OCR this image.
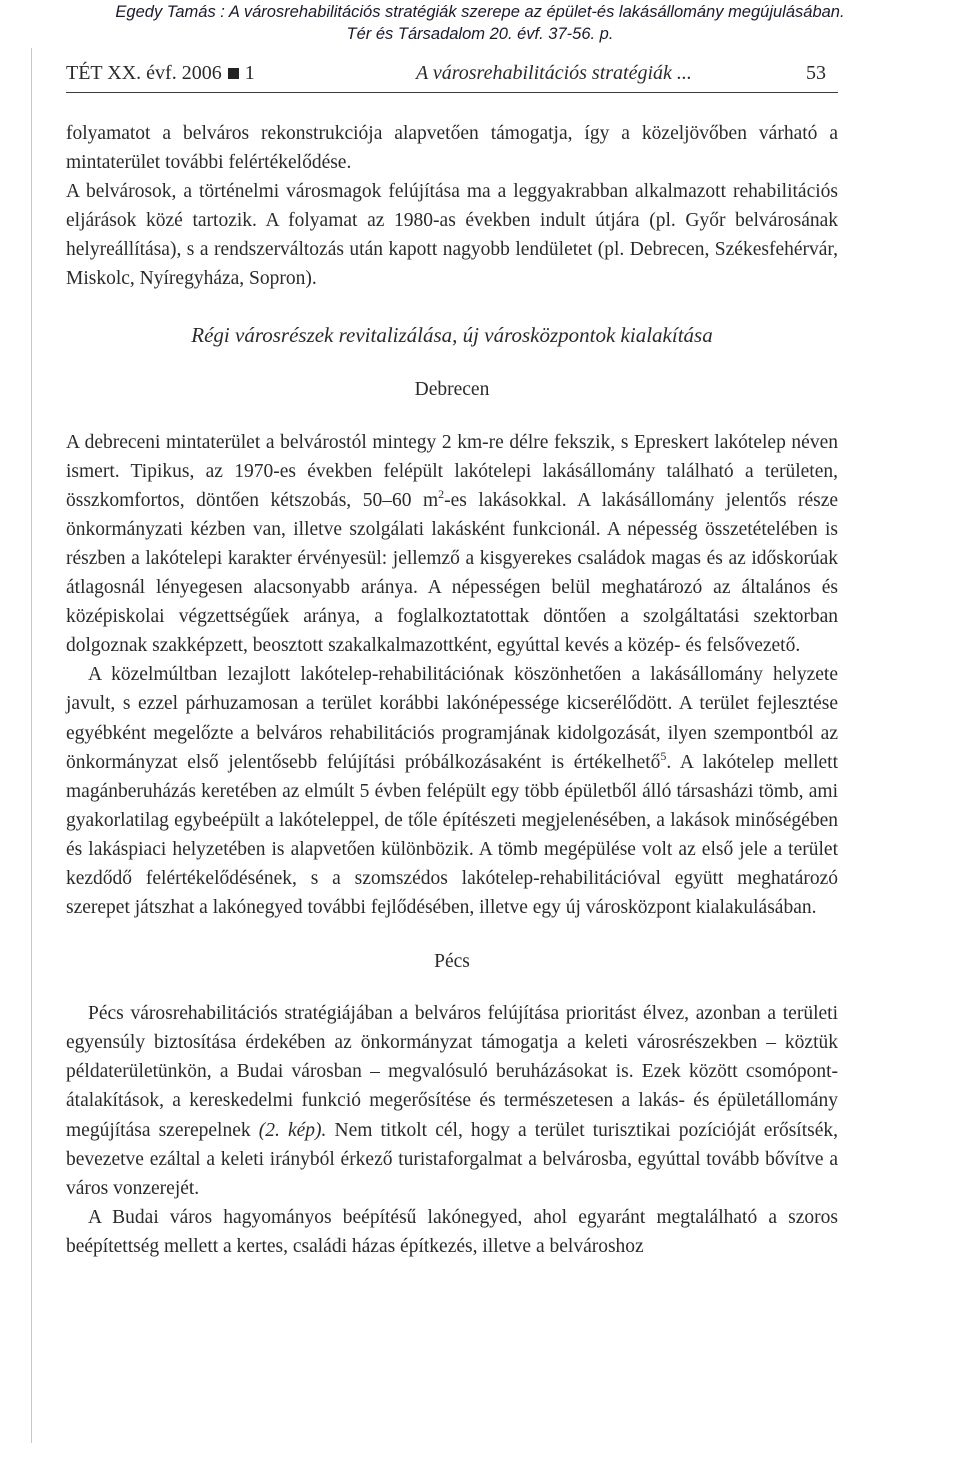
Egedy Tamás : A városrehabilitációs stratégiák szerepe az épület-és lakásállomány megújulásában.
Tér és Társadalom 20. évf. 37-56. p.
TÉT XX. évf. 2006 1	A városrehabilitációs stratégiák ...	53

folyamatot a belváros rekonstrukciója alapvetően támogatja, így a közeljövőben várható a mintaterület további felértékelődése.

A belvárosok, a történelmi városmagok felújítása ma a leggyakrabban alkalmazott rehabilitációs eljárások közé tartozik. A folyamat az 1980-as években indult útjára (pl. Győr belvárosának helyreállítása), s a rendszerváltozás után kapott nagyobb lendületet (pl. Debrecen, Székesfehérvár, Miskolc, Nyíregyháza, Sopron).

Régi városrészek revitalizálása, új városközpontok kialakítása
Debrecen

A debreceni mintaterület a belvárostól mintegy 2 km-re délre fekszik, s Epreskert lakótelep néven ismert. Tipikus, az 1970-es években felépült lakótelepi lakásállomány található a területen, összkomfortos, döntően kétszobás, 50–60 $m^2-es$ lakásokkal. A lakásállomány jelentős része önkormányzati kézben van, illetve szolgálati lakásként funkcionál. A népesség összetételében is részben a lakótelepi karakter érvényesül: jellemző a kisgyerekes családok magas és az időskorúak átlagosnál lényegesen alacsonyabb aránya. A népességen belül meghatározó az általános és középiskolai végzettségűek aránya, a foglalkoztatottak döntően a szolgáltatási szektorban dolgoznak szakképzett, beosztott szakalkalmazottként, egyúttal kevés a közép- és felsővezető.

A közelmúltban lezajlott lakótelep-rehabilitációnak köszönhetően a lakásállomány helyzete javult, s ezzel párhuzamosan a terület korábbi lakónépessége kicserélődött. A terület fejlesztése egyébként megelőzte a belváros rehabilitációs programjának kidolgozását, ilyen szempontból az önkormányzat első jelentősebb felújítási próbálkozásaként is értékelhető$^5$. A lakótelep mellett magánberuházás keretében az elmúlt 5 évben felépült egy több épületből álló társasházi tömb, ami gyakorlatilag egybeépült a lakóteleppel, de tőle építészeti megjelenésében, a lakások minőségében és lakáspiaci helyzetében is alapvetően különbözik. A tömb megépülése volt az első jele a terület kezdődő felértékelődésének, s a szomszédos lakótelep-rehabilitációval együtt meghatározó szerepet játszhat a lakónegyed további fejlődésében, illetve egy új városközpont kialakulásában.

Pécs

Pécs városrehabilitációs stratégiájában a belváros felújítása prioritást élvez, azonban a területi egyensúly biztosítása érdekében az önkormányzat támogatja a keleti városrészekben – köztük példaterületünkön, a Budai városban – megvalósuló beruházásokat is. Ezek között csomópont-átalakítások, a kereskedelmi funkció megerősítése és természetesen a lakás- és épületállomány megújítása szerepelnek (2. kép). Nem titkolt cél, hogy a terület turisztikai pozícióját erősítsék, bevezetve ezáltal a keleti irányból érkező turistaforgalmat a belvárosba, egyúttal tovább bővítve a város vonzerejét.

A Budai város hagyományos beépítésű lakónegyed, ahol egyaránt megtalálható a szoros beépítettség mellett a kertes, családi házas építkezés, illetve a belvároshoz
